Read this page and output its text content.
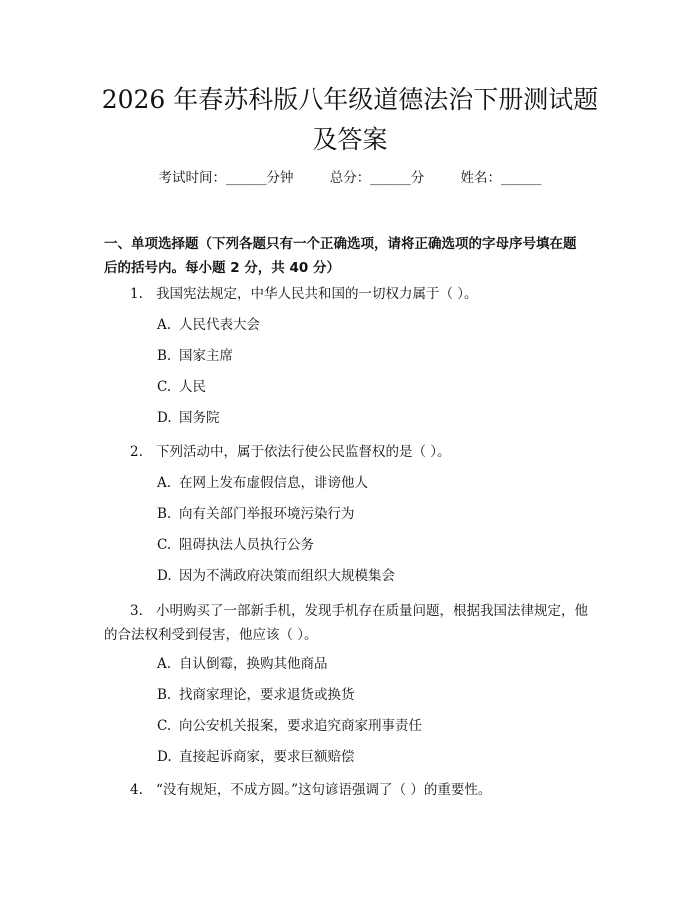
2026 年春苏科版八年级道德法治下册测试题
及答案
考试时间：______分钟	总分：______分	姓名：______
一、单项选择题（下列各题只有一个正确选项，请将正确选项的字母序号填在题
后的括号内。每小题 2 分，共 40 分）
1. 我国宪法规定，中华人民共和国的一切权力属于（ ）。
A. 人民代表大会
B. 国家主席
C. 人民
D. 国务院
2. 下列活动中，属于依法行使公民监督权的是（ ）。
A. 在网上发布虚假信息，诽谤他人
B. 向有关部门举报环境污染行为
C. 阻碍执法人员执行公务
D. 因为不满政府决策而组织大规模集会
3. 小明购买了一部新手机，发现手机存在质量问题，根据我国法律规定，他
的合法权利受到侵害，他应该（ ）。
A. 自认倒霉，换购其他商品
B. 找商家理论，要求退货或换货
C. 向公安机关报案，要求追究商家刑事责任
D. 直接起诉商家，要求巨额赔偿
4. “没有规矩，不成方圆。”这句谚语强调了（ ）的重要性。
